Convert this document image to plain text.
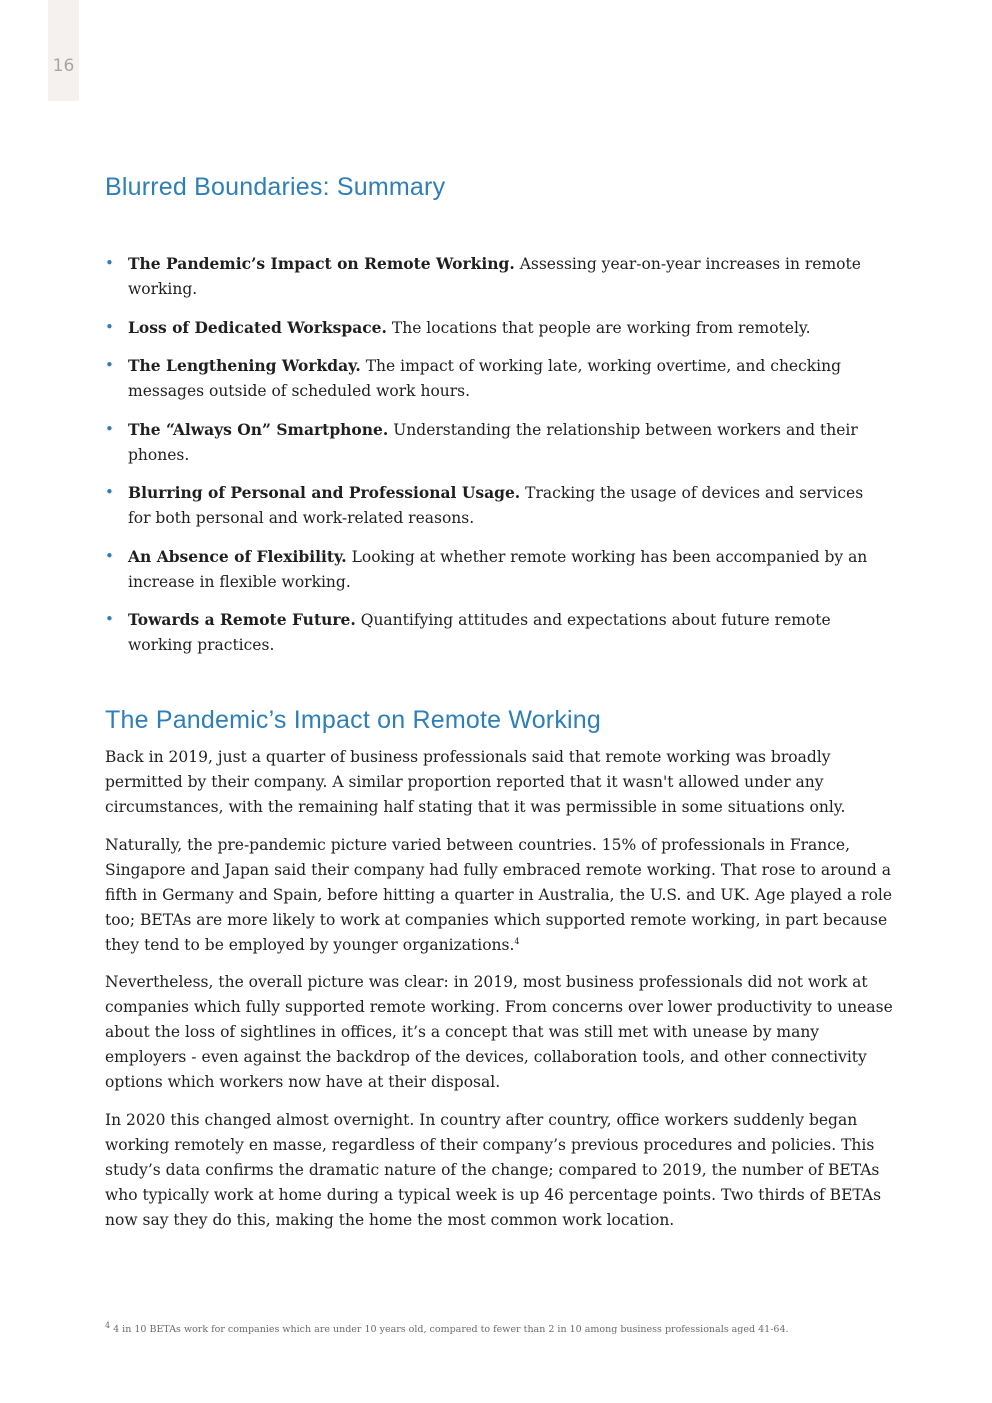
16
Blurred Boundaries: Summary
• The Pandemic’s Impact on Remote Working. Assessing year-on-year increases in remote working.
• Loss of Dedicated Workspace. The locations that people are working from remotely.
• The Lengthening Workday. The impact of working late, working overtime, and checking messages outside of scheduled work hours.
• The “Always On” Smartphone. Understanding the relationship between workers and their phones.
• Blurring of Personal and Professional Usage. Tracking the usage of devices and services for both personal and work-related reasons.
• An Absence of Flexibility. Looking at whether remote working has been accompanied by an increase in flexible working.
• Towards a Remote Future. Quantifying attitudes and expectations about future remote working practices.
The Pandemic’s Impact on Remote Working

Back in 2019, just a quarter of business professionals said that remote working was broadly permitted by their company. A similar proportion reported that it wasn't allowed under any circumstances, with the remaining half stating that it was permissible in some situations only.

Naturally, the pre-pandemic picture varied between countries. 15% of professionals in France, Singapore and Japan said their company had fully embraced remote working. That rose to around a fifth in Germany and Spain, before hitting a quarter in Australia, the U.S. and UK. Age played a role too; BETAs are more likely to work at companies which supported remote working, in part because they tend to be employed by younger organizations.$^4$

Nevertheless, the overall picture was clear: in 2019, most business professionals did not work at companies which fully supported remote working. From concerns over lower productivity to unease about the loss of sightlines in offices, it’s a concept that was still met with unease by many employers - even against the backdrop of the devices, collaboration tools, and other connectivity options which workers now have at their disposal.

In 2020 this changed almost overnight. In country after country, office workers suddenly began working remotely en masse, regardless of their company’s previous procedures and policies. This study’s data confirms the dramatic nature of the change; compared to 2019, the number of BETAs who typically work at home during a typical week is up 46 percentage points. Two thirds of BETAs now say they do this, making the home the most common work location.

$^4$ 4 in 10 BETAs work for companies which are under 10 years old, compared to fewer than 2 in 10 among business professionals aged 41-64.
